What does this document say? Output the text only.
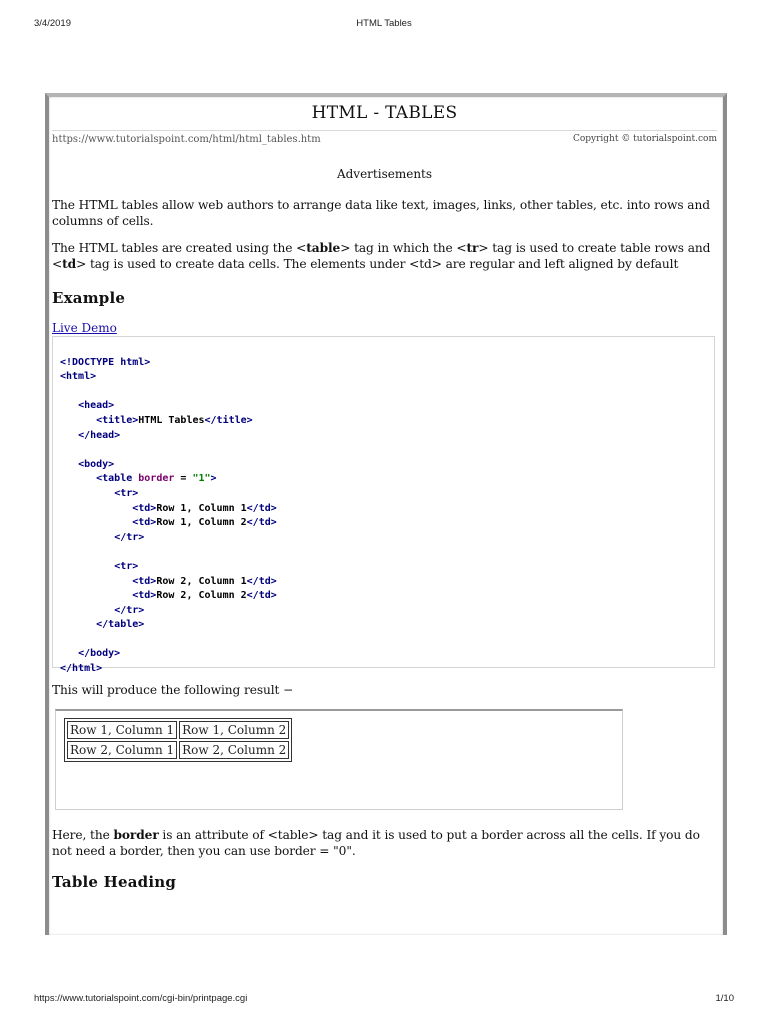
3/4/2019	HTML Tables
HTML - TABLES
https://www.tutorialspoint.com/html/html_tables.htm	Copyright © tutorialspoint.com
Advertisements
The HTML tables allow web authors to arrange data like text, images, links, other tables, etc. into rows and columns of cells.
The HTML tables are created using the <table> tag in which the <tr> tag is used to create table rows and <td> tag is used to create data cells. The elements under <td> are regular and left aligned by default
Example
Live Demo

<!DOCTYPE html>
<html>

<head>
<title>HTML Tables</title>
</head>

<body>
<table border = "1">
<tr>
<td>Row 1, Column 1</td>
<td>Row 1, Column 2</td>
</tr>

<tr>
<td>Row 2, Column 1</td>
<td>Row 2, Column 2</td>
</tr>
</table>

</body>
</html>

This will produce the following result −
Row 1, Column 1	Row 1, Column 2
Row 2, Column 1	Row 2, Column 2
Here, the border is an attribute of <table> tag and it is used to put a border across all the cells. If you do not need a border, then you can use border = "0".
Table Heading
https://www.tutorialspoint.com/cgi-bin/printpage.cgi	1/10
